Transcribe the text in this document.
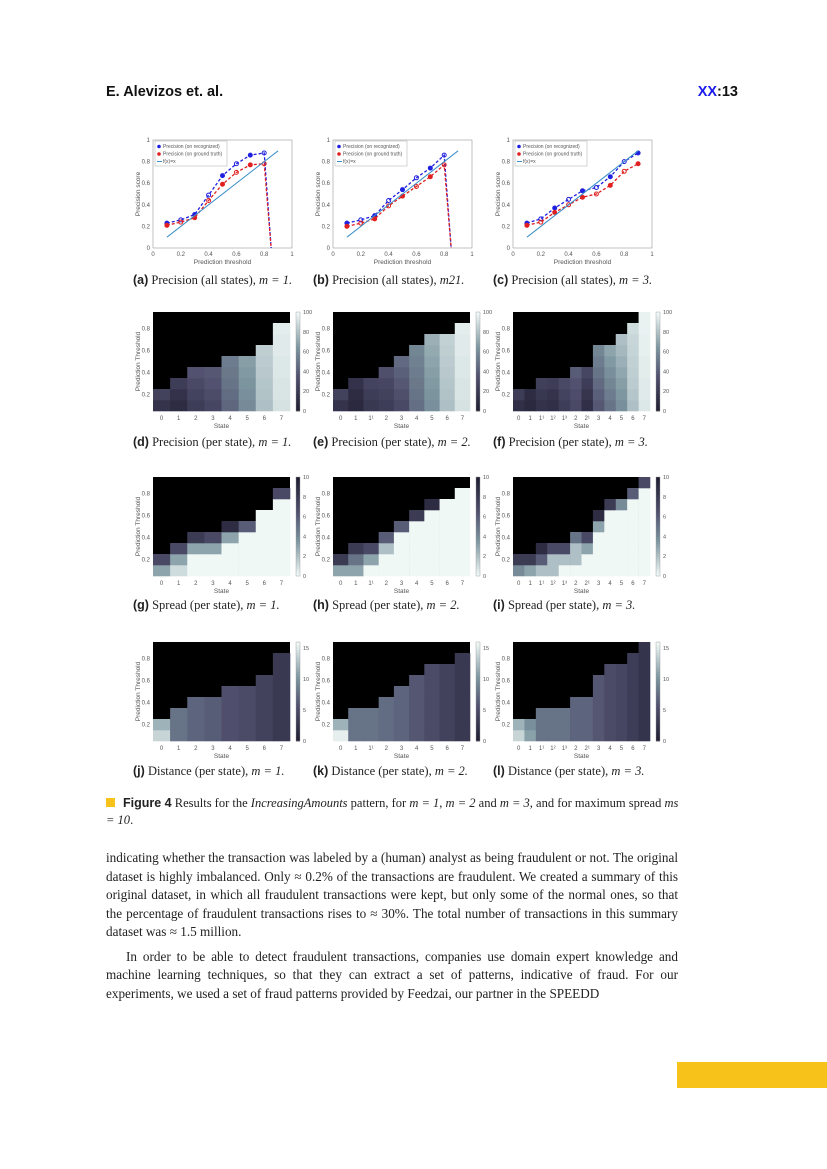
E. Alevizos et. al.	XX:13
0	0.2	0.4	0.6	0.8	1
0
0.2
0.4
0.6
0.8
1
Prediction threshold
Precision score
Precision (on recognized)
Precision (on ground truth)
f(x)=x
0	0.2	0.4	0.6	0.8	1
0
0.2
0.4
0.6
0.8
1
Prediction threshold
Precision score
Precision (on recognized)
Precision (on ground truth)
f(x)=x
0	0.2	0.4	0.6	0.8	1
0
0.2
0.4
0.6
0.8
1
Prediction threshold
Precision score
Precision (on recognized)
Precision (on ground truth)
f(x)=x
0 1 2 3 4 5 6 7
0.2
0.4
0.6
0.8
State
Prediction Threshold
0
20
40
60
80
100
0 1 1¹ 2 3 4 5 6 7
0.2
0.4
0.6
0.8
State
Prediction Threshold
0
20
40
60
80
100
0 1 1¹ 1² 1³ 2 2¹ 3 4 5 6 7
0.2
0.4
0.6
0.8
State
Prediction Threshold
0
20
40
60
80
100
0 1 2 3 4 5 6 7
0.2
0.4
0.6
0.8
State
Prediction Threshold
0
2
4
6
8
10
0 1 1¹ 2 3 4 5 6 7
0.2
0.4
0.6
0.8
State
Prediction Threshold
0
2
4
6
8
10
0 1 1¹ 1² 1³ 2 2¹ 3 4 5 6 7
0.2
0.4
0.6
0.8
State
Prediction Threshold
0
2
4
6
8
10
0 1 2 3 4 5 6 7
0.2
0.4
0.6
0.8
State
Prediction Threshold
0
5
10
15
0 1 1¹ 2 3 4 5 6 7
0.2
0.4
0.6
0.8
State
Prediction Threshold
0
5
10
15
0 1 1¹ 1² 1³ 2 2¹ 3 4 5 6 7
0.2
0.4
0.6
0.8
State
Prediction Threshold
0
5
10
15
Figure 4 Results for the IncreasingAmounts pattern, for m = 1, m = 2 and m = 3, and for maximum spread ms = 10.

indicating whether the transaction was labeled by a (human) analyst as being fraudulent or not. The original dataset is highly imbalanced. Only ≈ 0.2% of the transactions are fraudulent. We created a summary of this original dataset, in which all fraudulent transactions were kept, but only some of the normal ones, so that the percentage of fraudulent transactions rises to ≈ 30%. The total number of transactions in this summary dataset was ≈ 1.5 million.

In order to be able to detect fraudulent transactions, companies use domain expert knowledge and machine learning techniques, so that they can extract a set of patterns, indicative of fraud. For our experiments, we used a set of fraud patterns provided by Feedzai, our partner in the SPEEDD

(a) Precision (all states), m = 1. (b) Precision (all states), m21. (c) Precision (all states), m = 3.
(d) Precision (per state), m = 1. (e) Precision (per state), m = 2. (f) Precision (per state), m = 3.
(g) Spread (per state), m = 1.	(h) Spread (per state), m = 2.	(i) Spread (per state), m = 3.
(j) Distance (per state), m = 1. (k) Distance (per state), m = 2. (l) Distance (per state), m = 3.
